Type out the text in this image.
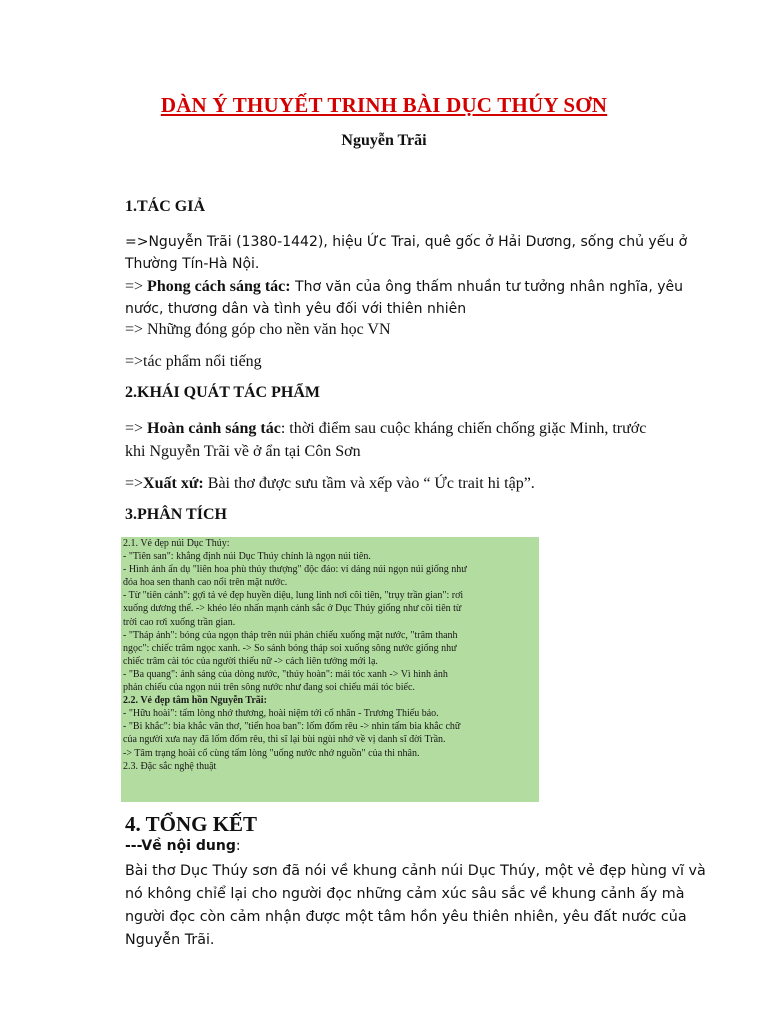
DÀN Ý THUYẾT TRINH BÀI DỤC THÚY SƠN
Nguyễn Trãi
1.TÁC GIẢ
=>Nguyễn Trãi (1380-1442), hiệu Ức Trai, quê gốc ở Hải Dương, sống chủ yếu ở
Thường Tín-Hà Nội.
=> Phong cách sáng tác: Thơ văn của ông thấm nhuần tư tưởng nhân nghĩa, yêu
nước, thương dân và tình yêu đối với thiên nhiên
=> Những đóng góp cho nền văn học VN
=>tác phẩm nổi tiếng
2.KHÁI QUÁT TÁC PHẨM
=> Hoàn cảnh sáng tác: thời điểm sau cuộc kháng chiến chống giặc Minh, trước
khi Nguyễn Trãi về ở ẩn tại Côn Sơn
=>Xuất xứ: Bài thơ được sưu tầm và xếp vào “ Ức trait hi tập”.
3.PHÂN TÍCH
2.1. Vẻ đẹp núi Dục Thúy:
- "Tiên san": khẳng định núi Dục Thúy chính là ngọn núi tiên.
- Hình ảnh ẩn dụ "liên hoa phù thủy thượng" độc đáo: ví dáng núi ngọn núi giống như
đóa hoa sen thanh cao nổi trên mặt nước.
- Từ "tiên cảnh": gợi tả vẻ đẹp huyền diệu, lung linh nơi cõi tiên, "trụy trần gian": rơi
xuống dương thế. -> khéo léo nhấn mạnh cảnh sắc ở Dục Thúy giống như cõi tiên từ
trời cao rơi xuống trần gian.
- "Tháp ảnh": bóng của ngọn tháp trên núi phản chiếu xuống mặt nước, "trâm thanh
ngọc": chiếc trâm ngọc xanh. -> So sánh bóng tháp soi xuống sông nước giống như
chiếc trâm cài tóc của người thiếu nữ -> cách liên tưởng mới lạ.
- "Ba quang": ánh sáng của dòng nước, "thúy hoàn": mái tóc xanh -> Vì hình ảnh
phản chiếu của ngọn núi trên sông nước như đang soi chiếu mái tóc biếc.
2.2. Vẻ đẹp tâm hồn Nguyễn Trãi:
- "Hữu hoài": tấm lòng nhớ thương, hoài niệm tới cố nhân - Trương Thiếu bảo.
- "Bi khắc": bia khắc văn thơ, "tiển hoa ban": lốm đốm rêu -> nhìn tấm bia khắc chữ
của người xưa nay đã lốm đốm rêu, thi sĩ lại bùi ngùi nhớ về vị danh sĩ đời Trần.
-> Tâm trạng hoài cổ cùng tấm lòng "uống nước nhớ nguồn" của thi nhân.
2.3. Đặc sắc nghệ thuật
4. TỔNG KẾT
---Về nội dung:
Bài thơ Dục Thúy sơn đã nói về khung cảnh núi Dục Thúy, một vẻ đẹp hùng vĩ và
nó không chỉể lại cho người đọc những cảm xúc sâu sắc về khung cảnh ấy mà
người đọc còn cảm nhận được một tâm hồn yêu thiên nhiên, yêu đất nước của
Nguyễn Trãi.
